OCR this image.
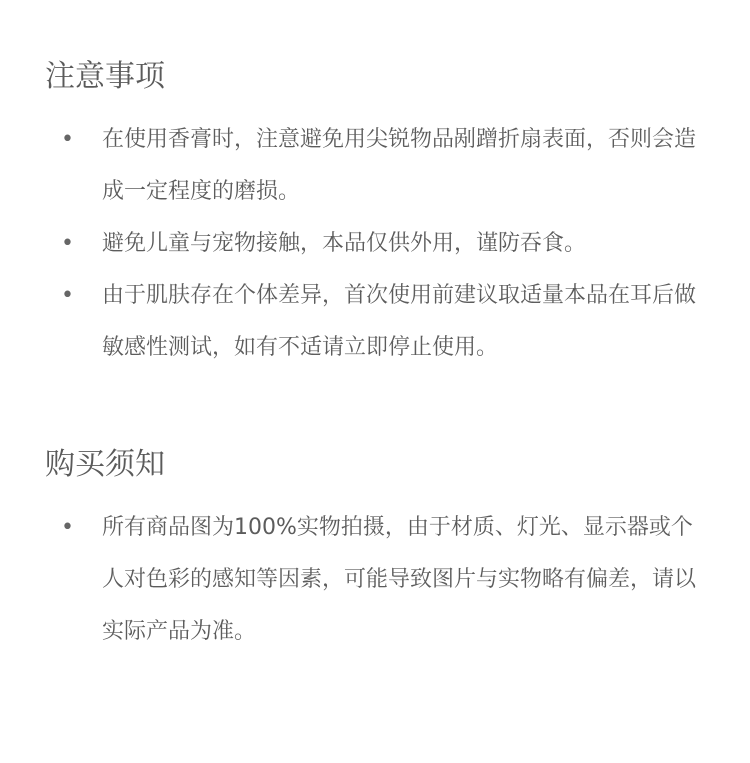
注意事项
• 在使用香膏时，注意避免用尖锐物品剐蹭折扇表面，否则会造成一定程度的磨损。
• 避免儿童与宠物接触，本品仅供外用，谨防吞食。
• 由于肌肤存在个体差异，首次使用前建议取适量本品在耳后做敏感性测试，如有不适请立即停止使用。
购买须知
• 所有商品图为100%实物拍摄，由于材质、灯光、显示器或个人对色彩的感知等因素，可能导致图片与实物略有偏差，请以实际产品为准。
